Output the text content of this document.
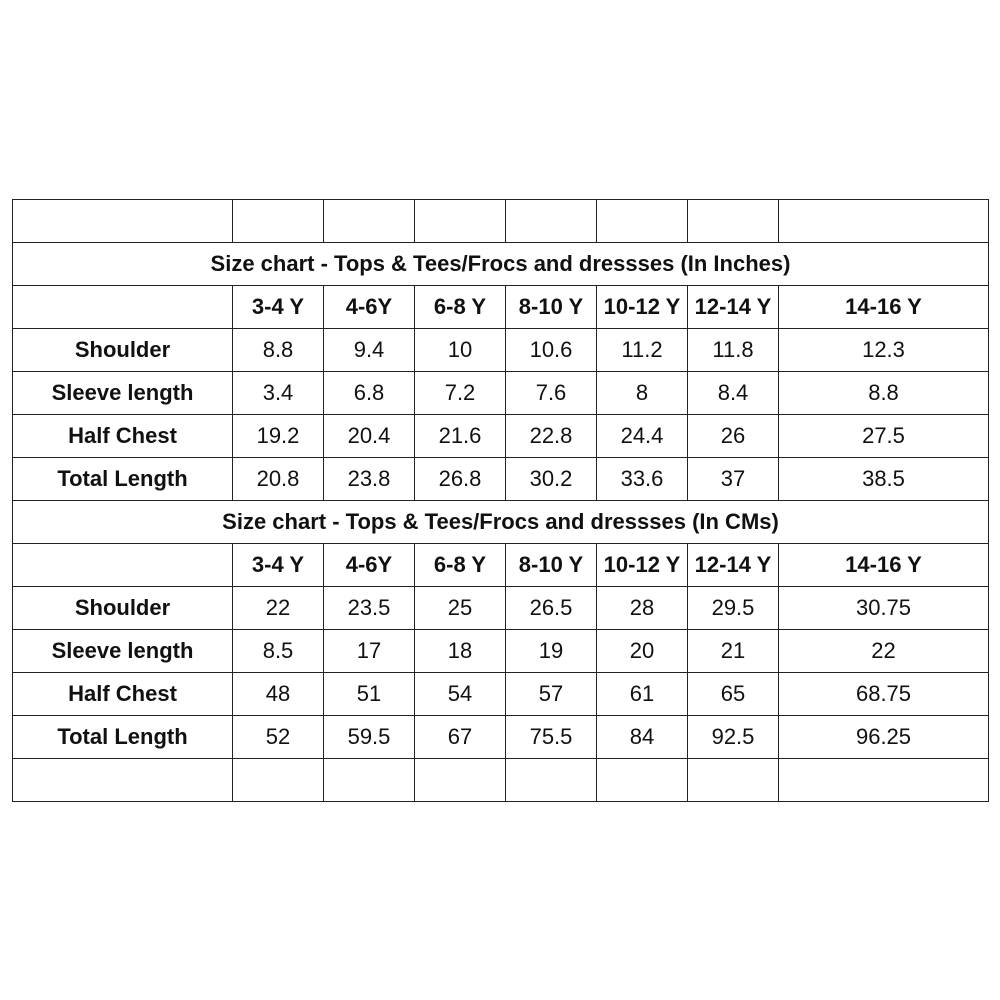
Size chart - Tops & Tees/Frocs and dressses (In Inches)							
	3-4 Y	4-6Y	6-8 Y	8-10 Y	10-12 Y	12-14 Y	14-16 Y
Shoulder	8.8	9.4	10	10.6	11.2	11.8	12.3
Sleeve length	3.4	6.8	7.2	7.6	8	8.4	8.8
Half Chest	19.2	20.4	21.6	22.8	24.4	26	27.5
Total Length	20.8	23.8	26.8	30.2	33.6	37	38.5
Size chart - Tops & Tees/Frocs and dressses (In CMs)							
	3-4 Y	4-6Y	6-8 Y	8-10 Y	10-12 Y	12-14 Y	14-16 Y
Shoulder	22	23.5	25	26.5	28	29.5	30.75
Sleeve length	8.5	17	18	19	20	21	22
Half Chest	48	51	54	57	61	65	68.75
Total Length	52	59.5	67	75.5	84	92.5	96.25
